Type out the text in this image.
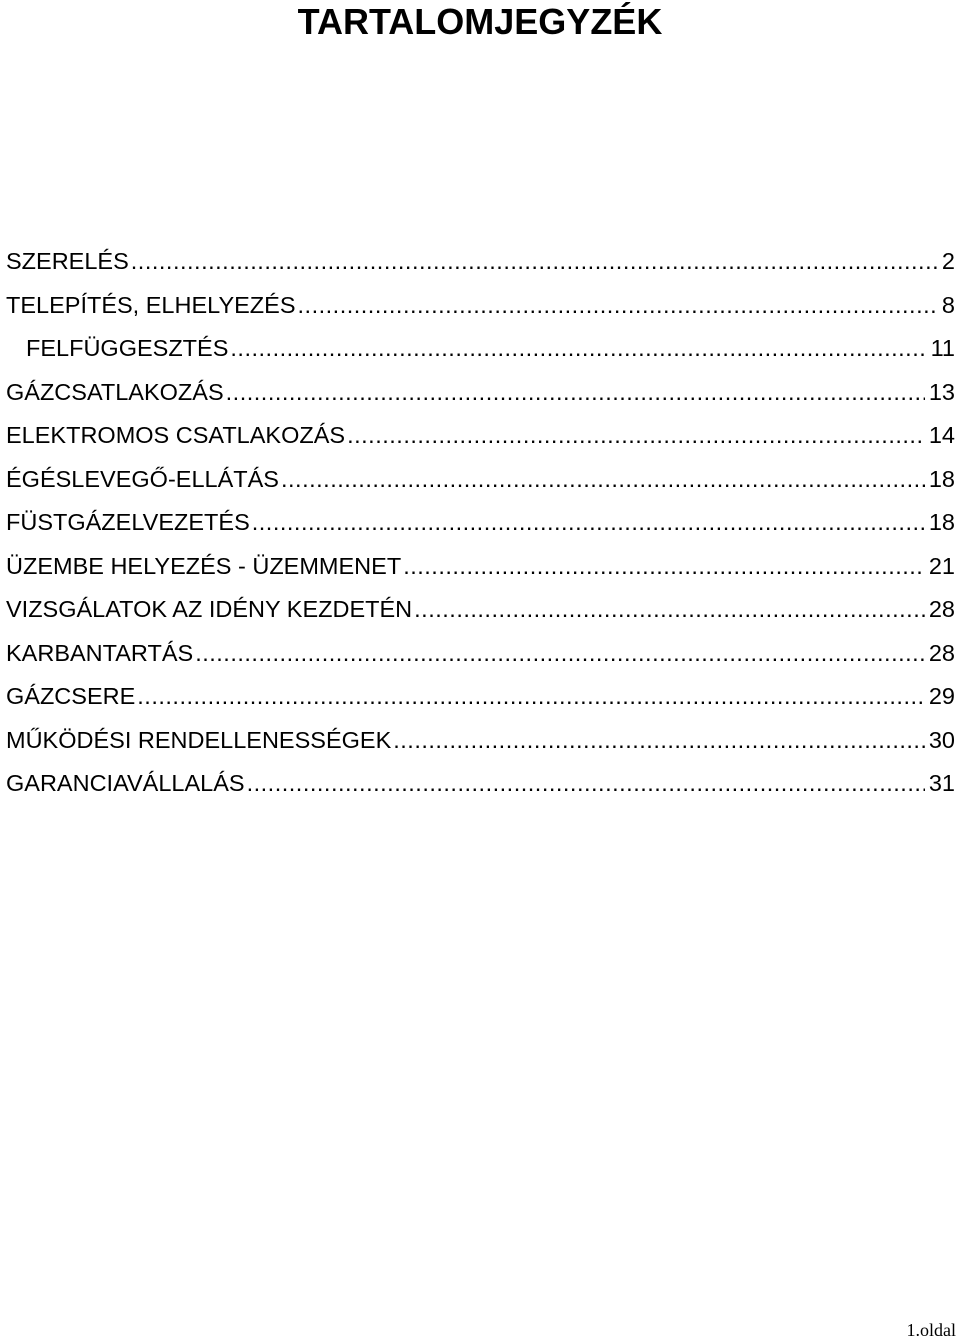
TARTALOMJEGYZÉK
SZERELÉS .....	2
TELEPÍTÉS, ELHELYEZÉS .....	8
FELFÜGGESZTÉS .....	11
GÁZCSATLAKOZÁS .....	13
ELEKTROMOS CSATLAKOZÁS .....	14
ÉGÉSLEVEGŐ-ELLÁTÁS .....	18
FÜSTGÁZELVEZETÉS .....	18
ÜZEMBE HELYEZÉS - ÜZEMMENET .....	21
VIZSGÁLATOK AZ IDÉNY KEZDETÉN .....	28
KARBANTARTÁS .....	28
GÁZCSERE .....	29
MŰKÖDÉSI RENDELLENESSÉGEK .....	30
GARANCIAVÁLLALÁS .....	31
1.oldal
